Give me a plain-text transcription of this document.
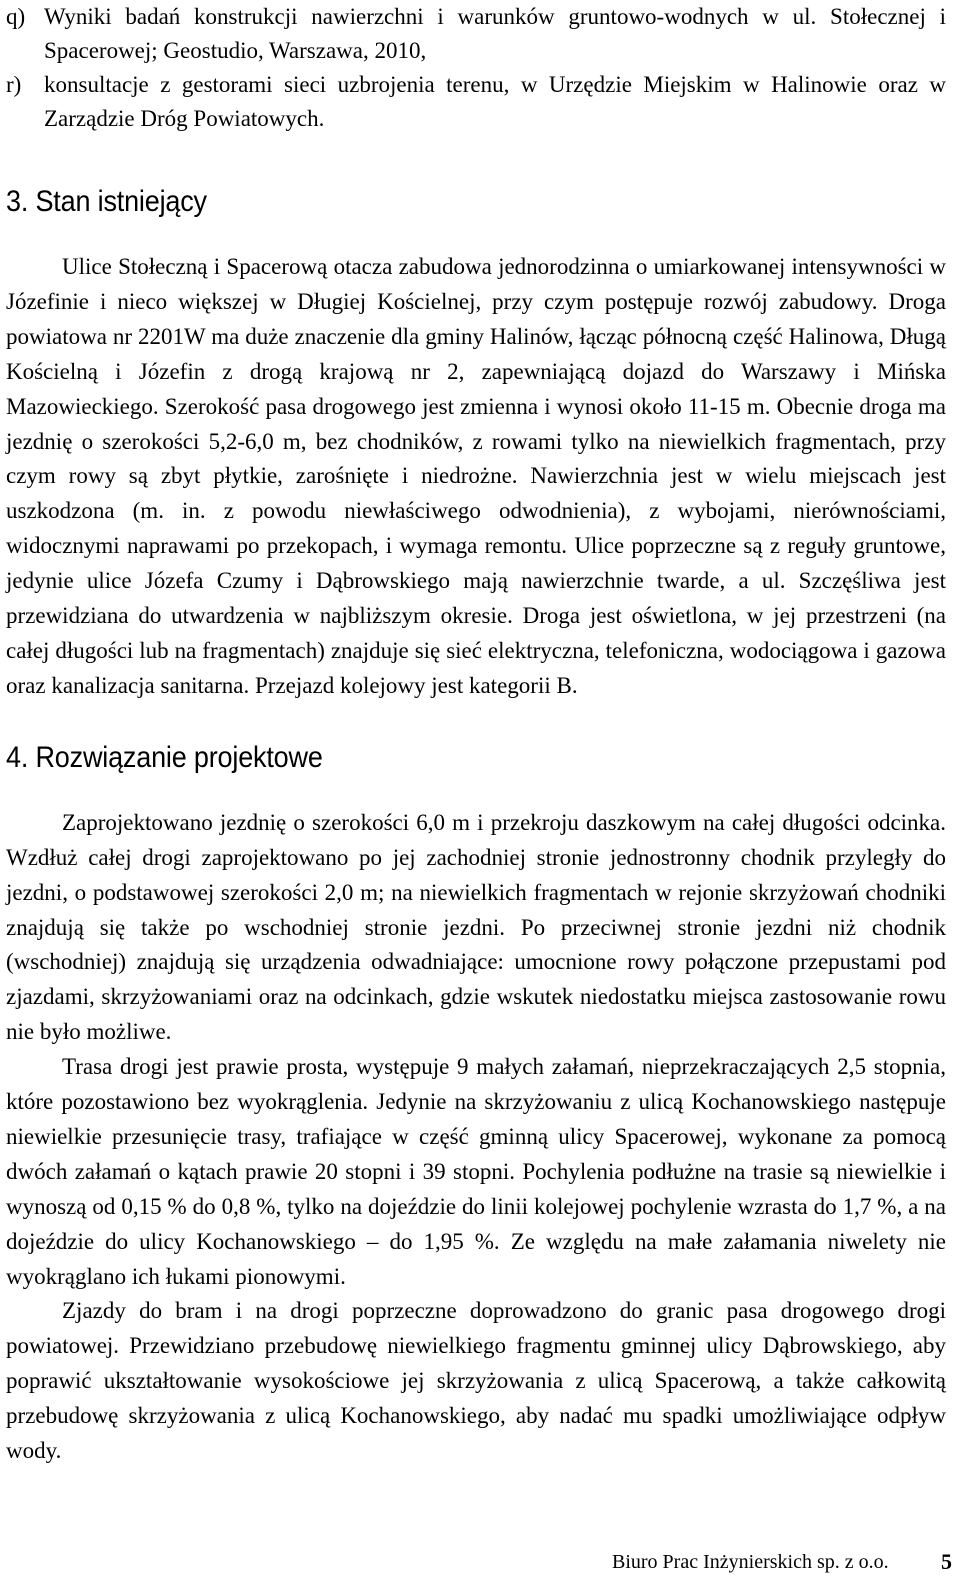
q) Wyniki badań konstrukcji nawierzchni i warunków gruntowo-wodnych w ul. Stołecznej i Spacerowej; Geostudio, Warszawa, 2010,
r) konsultacje z gestorami sieci uzbrojenia terenu, w Urzędzie Miejskim w Halinowie oraz w Zarządzie Dróg Powiatowych.
3. Stan istniejący

Ulice Stołeczną i Spacerową otacza zabudowa jednorodzinna o umiarkowanej intensywności w Józefinie i nieco większej w Długiej Kościelnej, przy czym postępuje rozwój zabudowy. Droga powiatowa nr 2201W ma duże znaczenie dla gminy Halinów, łącząc północną część Halinowa, Długą Kościelną i Józefin z drogą krajową nr 2, zapewniającą dojazd do Warszawy i Mińska Mazowieckiego. Szerokość pasa drogowego jest zmienna i wynosi około 11-15 m. Obecnie droga ma jezdnię o szerokości 5,2-6,0 m, bez chodników, z rowami tylko na niewielkich fragmentach, przy czym rowy są zbyt płytkie, zarośnięte i niedrożne. Nawierzchnia jest w wielu miejscach jest uszkodzona (m. in. z powodu niewłaściwego odwodnienia), z wybojami, nierównościami, widocznymi naprawami po przekopach, i wymaga remontu. Ulice poprzeczne są z reguły gruntowe, jedynie ulice Józefa Czumy i Dąbrowskiego mają nawierzchnie twarde, a ul. Szczęśliwa jest przewidziana do utwardzenia w najbliższym okresie. Droga jest oświetlona, w jej przestrzeni (na całej długości lub na fragmentach) znajduje się sieć elektryczna, telefoniczna, wodociągowa i gazowa oraz kanalizacja sanitarna. Przejazd kolejowy jest kategorii B.

4. Rozwiązanie projektowe

Zaprojektowano jezdnię o szerokości 6,0 m i przekroju daszkowym na całej długości odcinka. Wzdłuż całej drogi zaprojektowano po jej zachodniej stronie jednostronny chodnik przyległy do jezdni, o podstawowej szerokości 2,0 m; na niewielkich fragmentach w rejonie skrzyżowań chodniki znajdują się także po wschodniej stronie jezdni. Po przeciwnej stronie jezdni niż chodnik (wschodniej) znajdują się urządzenia odwadniające: umocnione rowy połączone przepustami pod zjazdami, skrzyżowaniami oraz na odcinkach, gdzie wskutek niedostatku miejsca zastosowanie rowu nie było możliwe.

Trasa drogi jest prawie prosta, występuje 9 małych załamań, nieprzekraczających 2,5 stopnia, które pozostawiono bez wyokrąglenia. Jedynie na skrzyżowaniu z ulicą Kochanowskiego następuje niewielkie przesunięcie trasy, trafiające w część gminną ulicy Spacerowej, wykonane za pomocą dwóch załamań o kątach prawie 20 stopni i 39 stopni. Pochylenia podłużne na trasie są niewielkie i wynoszą od 0,15 % do 0,8 %, tylko na dojeździe do linii kolejowej pochylenie wzrasta do 1,7 %, a na dojeździe do ulicy Kochanowskiego – do 1,95 %. Ze względu na małe załamania niwelety nie wyokrąglano ich łukami pionowymi.

Zjazdy do bram i na drogi poprzeczne doprowadzono do granic pasa drogowego drogi powiatowej. Przewidziano przebudowę niewielkiego fragmentu gminnej ulicy Dąbrowskiego, aby poprawić ukształtowanie wysokościowe jej skrzyżowania z ulicą Spacerową, a także całkowitą przebudowę skrzyżowania z ulicą Kochanowskiego, aby nadać mu spadki umożliwiające odpływ wody.

Biuro Prac Inżynierskich sp. z o.o. 5
